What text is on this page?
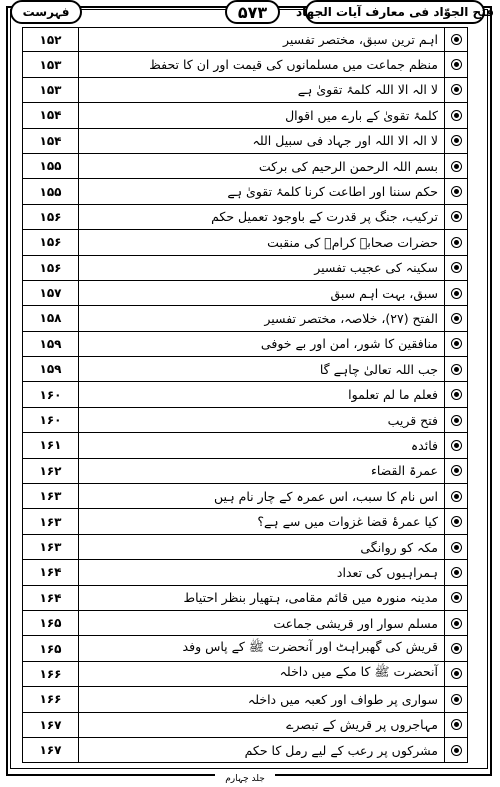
فہرست	۵۷۳	فتح الجوّاد فی معارف آیات الجھاد
۱۵۲	اہم ترین سبق، مختصر تفسیر
۱۵۳	منظم جماعت میں مسلمانوں کی قیمت اور ان کا تحفظ
۱۵۳	لا الہ الا اللہ کلمۂ تقویٰ ہے
۱۵۴	کلمۂ تقویٰ کے بارے میں اقوال
۱۵۴	لا الہ الا اللہ اور جہاد فی سبیل اللہ
۱۵۵	بسم اللہ الرحمن الرحیم کی برکت
۱۵۵	حکم سننا اور اطاعت کرنا کلمۂ تقویٰ ہے
۱۵۶	ترکیب، جنگ پر قدرت کے باوجود تعمیل حکم
۱۵۶	حضرات صحابہ کرامؓ کی منقبت
۱۵۶	سکینہ کی عجیب تفسیر
۱۵۷	سبق، بہت اہم سبق
۱۵۸	الفتح (۲۷)، خلاصہ، مختصر تفسیر
۱۵۹	منافقین کا شور، امن اور بے خوفی
۱۵۹	جب اللہ تعالیٰ چاہے گا
۱۶۰	فعلم ما لم تعلموا
۱۶۰	فتح قریب
۱۶۱	فائدہ
۱۶۲	عمرۃ القضاء
۱۶۳	اس نام کا سبب، اس عمرہ کے چار نام ہیں
۱۶۳	کیا عمرۂ قضا غزوات میں سے ہے؟
۱۶۳	مکہ کو روانگی
۱۶۴	ہمراہیوں کی تعداد
۱۶۴	مدینہ منورہ میں قائم مقامی، ہتھیار بنظر احتیاط
۱۶۵	مسلم سوار اور قریشی جماعت
۱۶۵	قریش کی گھبراہٹ اور آنحضرت ﷺ کے پاس وفد
۱۶۶	آنحضرت ﷺ کا مکے میں داخلہ
۱۶۶	سواری پر طواف اور کعبہ میں داخلہ
۱۶۷	مہاجروں پر قریش کے تبصرے
۱۶۷	مشرکوں پر رعب کے لیے رمل کا حکم
جلد چہارم
